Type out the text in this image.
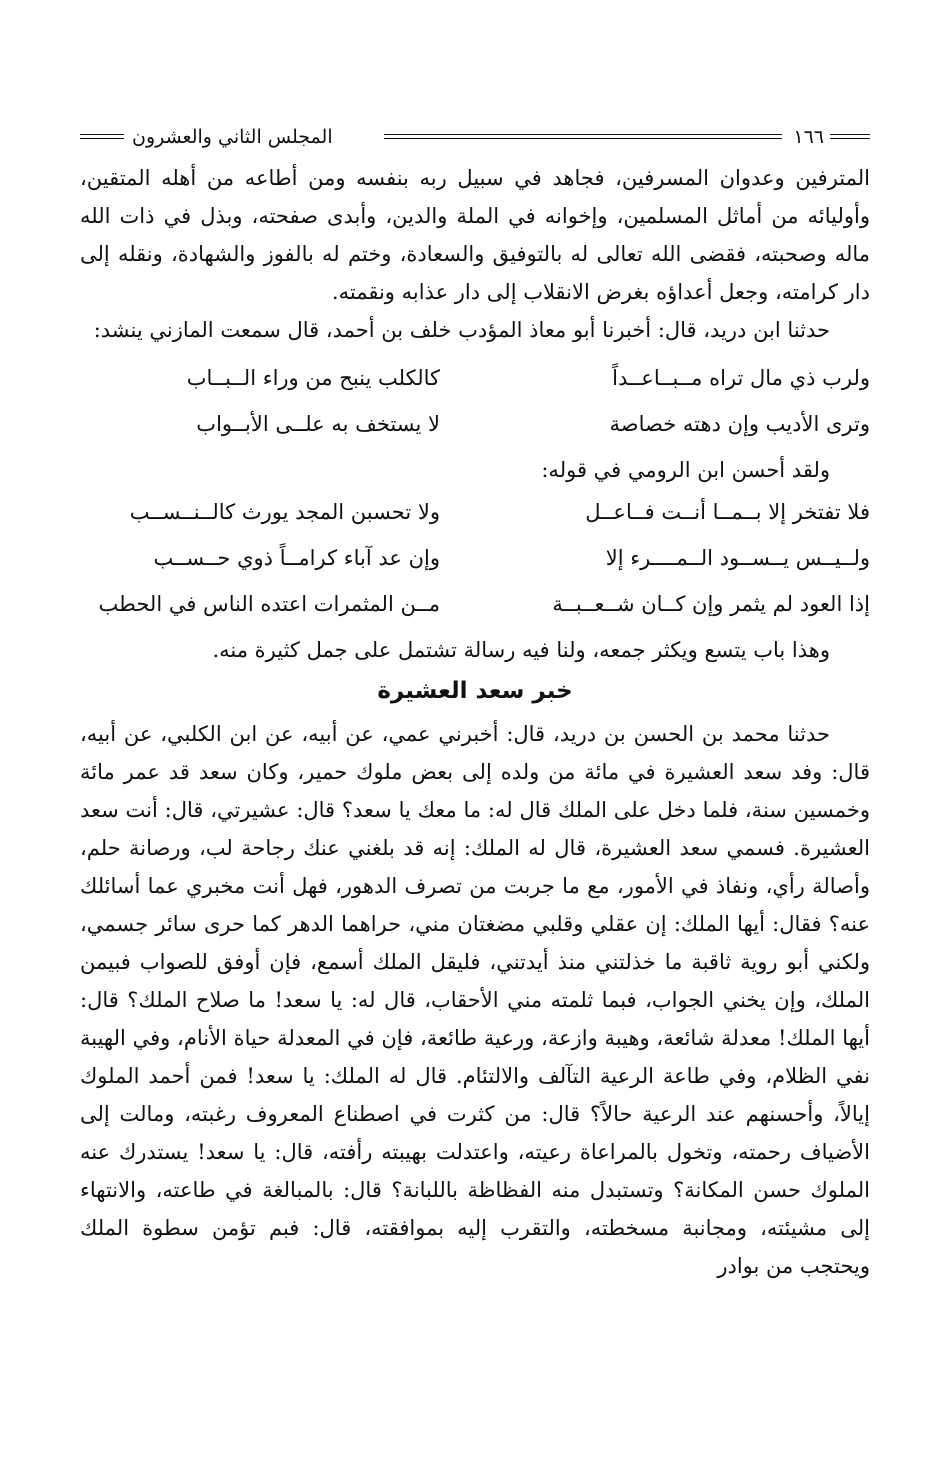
١٦٦
المجلس الثاني والعشرون

المترفين وعدوان المسرفين، فجاهد في سبيل ربه بنفسه ومن أطاعه من أهله المتقين، وأوليائه من أماثل المسلمين، وإخوانه في الملة والدين، وأبدى صفحته، وبذل في ذات الله ماله وصحبته، فقضى الله تعالى له بالتوفيق والسعادة، وختم له بالفوز والشهادة، ونقله إلى دار كرامته، وجعل أعداؤه بغرض الانقلاب إلى دار عذابه ونقمته.

حدثنا ابن دريد، قال: أخبرنا أبو معاذ المؤدب خلف بن أحمد، قال سمعت المازني ينشد:

ولرب ذي مال تراه مــبــاعــداً
كالكلب ينبح من وراء الــبــاب
وترى الأديب وإن دهته خصاصة
لا يستخف به علــى الأبــواب

ولقد أحسن ابن الرومي في قوله:

فلا تفتخر إلا بــمــا أنــت فــاعــل
ولا تحسبن المجد يورث كالــنــســب
ولــيــس يــســود الــمــــرء إلا
وإن عد آباء كرامــاً ذوي حــســب
إذا العود لم يثمر وإن كــان شــعــبــة
مــن المثمرات اعتده الناس في الحطب

وهذا باب يتسع ويكثر جمعه، ولنا فيه رسالة تشتمل على جمل كثيرة منه.

خبر سعد العشيرة

حدثنا محمد بن الحسن بن دريد، قال: أخبرني عمي، عن أبيه، عن ابن الكلبي، عن أبيه، قال: وفد سعد العشيرة في مائة من ولده إلى بعض ملوك حمير، وكان سعد قد عمر مائة وخمسين سنة، فلما دخل على الملك قال له: ما معك يا سعد؟ قال: عشيرتي، قال: أنت سعد العشيرة. فسمي سعد العشيرة، قال له الملك: إنه قد بلغني عنك رجاحة لب، ورصانة حلم، وأصالة رأي، ونفاذ في الأمور، مع ما جربت من تصرف الدهور، فهل أنت مخبري عما أسائلك عنه؟ فقال: أيها الملك: إن عقلي وقلبي مضغتان مني، حراهما الدهر كما حرى سائر جسمي، ولكني أبو روية ثاقبة ما خذلتني منذ أيدتني، فليقل الملك أسمع، فإن أوفق للصواب فبيمن الملك، وإن يخني الجواب، فبما ثلمته مني الأحقاب، قال له: يا سعد! ما صلاح الملك؟ قال: أيها الملك! معدلة شائعة، وهيبة وازعة، ورعية طائعة، فإن في المعدلة حياة الأنام، وفي الهيبة نفي الظلام، وفي طاعة الرعية التآلف والالتئام. قال له الملك: يا سعد! فمن أحمد الملوك إيالاً، وأحسنهم عند الرعية حالاً؟ قال: من كثرت في اصطناع المعروف رغبته، ومالت إلى الأضياف رحمته، وتخول بالمراعاة رعيته، واعتدلت بهيبته رأفته، قال: يا سعد! يستدرك عنه الملوك حسن المكانة؟ وتستبدل منه الفظاظة باللبانة؟ قال: بالمبالغة في طاعته، والانتهاء إلى مشيئته، ومجانبة مسخطته، والتقرب إليه بموافقته، قال: فبم تؤمن سطوة الملك ويحتجب من بوادر
